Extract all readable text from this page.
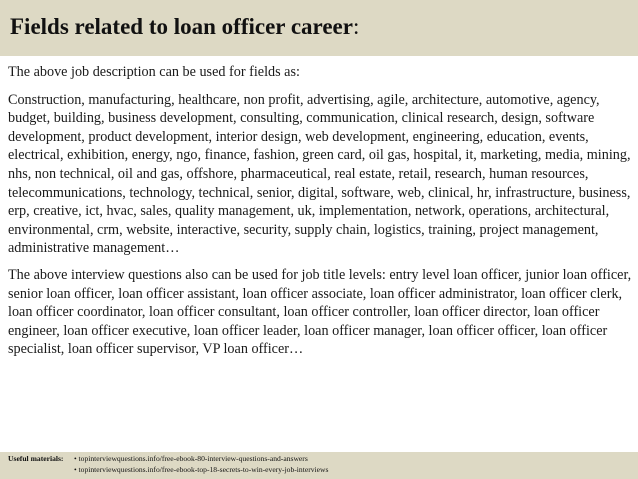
Fields related to loan officer career:

The above job description can be used for fields as:

Construction, manufacturing, healthcare, non profit, advertising, agile, architecture, automotive, agency, budget, building, business development, consulting, communication, clinical research, design, software development, product development, interior design, web development, engineering, education, events, electrical, exhibition, energy, ngo, finance, fashion, green card, oil gas, hospital, it, marketing, media, mining, nhs, non technical, oil and gas, offshore, pharmaceutical, real estate, retail, research, human resources, telecommunications, technology, technical, senior, digital, software, web, clinical, hr, infrastructure, business, erp, creative, ict, hvac, sales, quality management, uk, implementation, network, operations, architectural, environmental, crm, website, interactive, security, supply chain, logistics, training, project management, administrative management…

The above interview questions also can be used for job title levels: entry level loan officer, junior loan officer, senior loan officer, loan officer assistant, loan officer associate, loan officer administrator, loan officer clerk, loan officer coordinator, loan officer consultant, loan officer controller, loan officer director, loan officer engineer, loan officer executive, loan officer leader, loan officer manager, loan officer officer, loan officer specialist, loan officer supervisor, VP loan officer…

Useful materials:	• topinterviewquestions.info/free-ebook-80-interview-questions-and-answers
• topinterviewquestions.info/free-ebook-top-18-secrets-to-win-every-job-interviews
